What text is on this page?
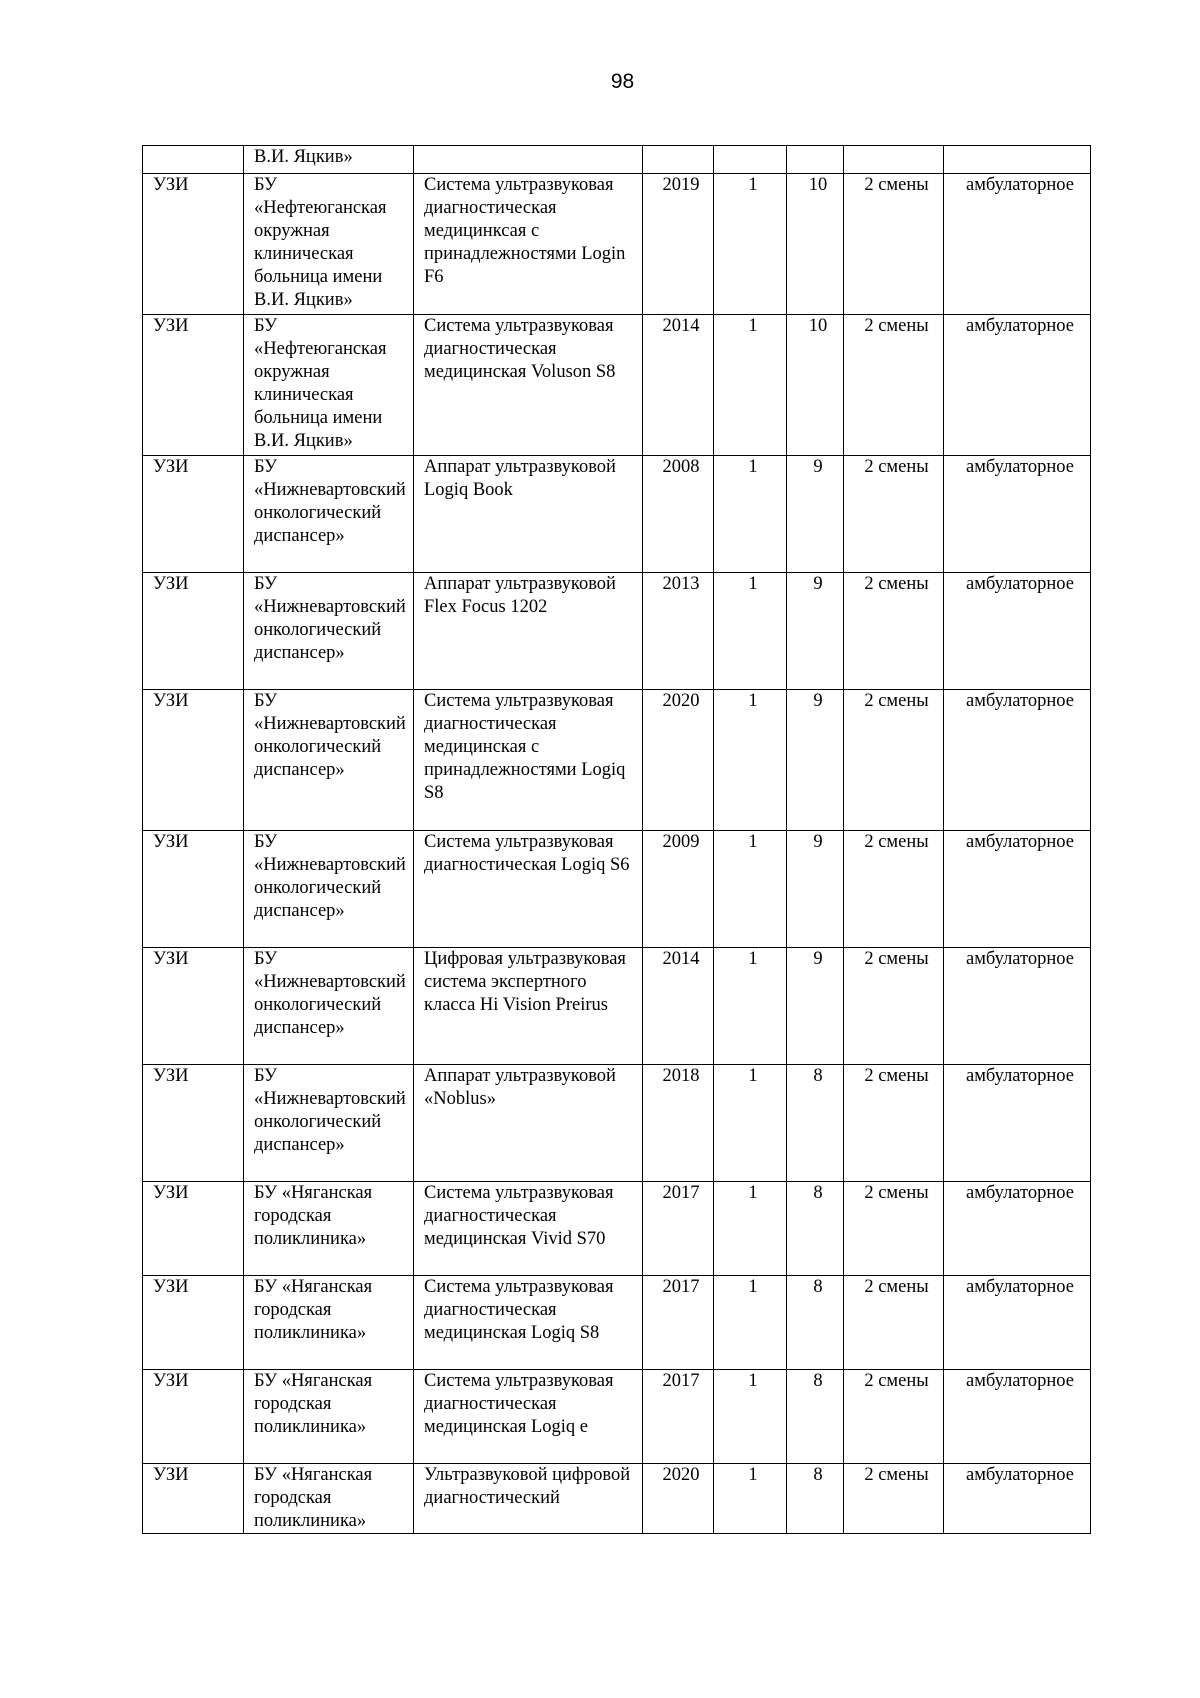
98
	В.И. Яцкив»						
УЗИ	БУ «Нефтеюганская окружная клиническая больница имени В.И. Яцкив»	Система ультразвуковая диагностическая медицинксая с принадлежностями Login F6	2019	1	10	2 смены	амбулаторное
УЗИ	БУ «Нефтеюганская окружная клиническая больница имени В.И. Яцкив»	Система ультразвуковая диагностическая медицинская Voluson S8	2014	1	10	2 смены	амбулаторное
УЗИ	БУ «Нижневартовский онкологический диспансер»	Аппарат ультразвуковой Logiq Book	2008	1	9	2 смены	амбулаторное
УЗИ	БУ «Нижневартовский онкологический диспансер»	Аппарат ультразвуковой Flex Focus 1202	2013	1	9	2 смены	амбулаторное
УЗИ	БУ «Нижневартовский онкологический диспансер»	Система ультразвуковая диагностическая медицинская с принадлежностями Logiq S8	2020	1	9	2 смены	амбулаторное
УЗИ	БУ «Нижневартовский онкологический диспансер»	Система ультразвуковая диагностическая Logiq S6	2009	1	9	2 смены	амбулаторное
УЗИ	БУ «Нижневартовский онкологический диспансер»	Цифровая ультразвуковая система экспертного класса Hi Vision Preirus	2014	1	9	2 смены	амбулаторное
УЗИ	БУ «Нижневартовский онкологический диспансер»	Аппарат ультразвуковой «Noblus»	2018	1	8	2 смены	амбулаторное
УЗИ	БУ «Няганская городская поликлиника»	Система ультразвуковая диагностическая медицинская Vivid S70	2017	1	8	2 смены	амбулаторное
УЗИ	БУ «Няганская городская поликлиника»	Система ультразвуковая диагностическая медицинская Logiq S8	2017	1	8	2 смены	амбулаторное
УЗИ	БУ «Няганская городская поликлиника»	Система ультразвуковая диагностическая медицинская Logiq e	2017	1	8	2 смены	амбулаторное
УЗИ	БУ «Няганская городская поликлиника»	Ультразвуковой цифровой диагностический	2020	1	8	2 смены	амбулаторное
